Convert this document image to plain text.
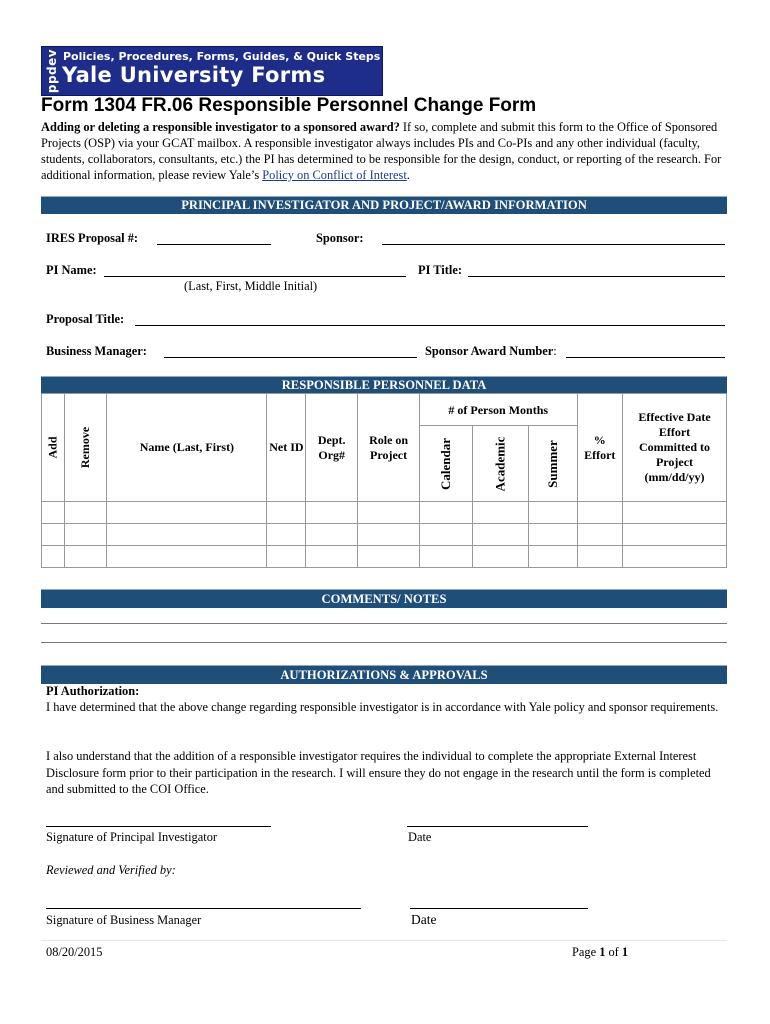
ppdev Policies, Procedures, Forms, Guides, & Quick Steps
Yale University Forms
Form 1304 FR.06 Responsible Personnel Change Form
Adding or deleting a responsible investigator to a sponsored award? If so, complete and submit this form to the Office of Sponsored Projects (OSP) via your GCAT mailbox. A responsible investigator always includes PIs and Co-PIs and any other individual (faculty, students, collaborators, consultants, etc.) the PI has determined to be responsible for the design, conduct, or reporting of the research. For additional information, please review Yale’s Policy on Conflict of Interest.
PRINCIPAL INVESTIGATOR AND PROJECT/AWARD INFORMATION
IRES Proposal #:	Sponsor:
PI Name:
(Last, First, Middle Initial)
PI Title:
Proposal Title:
Business Manager:	Sponsor Award Number:
RESPONSIBLE PERSONNEL DATA
Add	Remove	Name (Last, First)	Net ID	Dept. Org#	Role on Project	# of Person Months			% Effort	Effective Date Effort Committed to Project (mm/dd/yy)
						Calendar	Academic	Summer		

COMMENTS/ NOTES
AUTHORIZATIONS & APPROVALS
PI Authorization:
I have determined that the above change regarding responsible investigator is in accordance with Yale policy and sponsor requirements.
I also understand that the addition of a responsible investigator requires the individual to complete the appropriate External Interest Disclosure form prior to their participation in the research. I will ensure they do not engage in the research until the form is completed and submitted to the COI Office.
Signature of Principal Investigator	Date
Reviewed and Verified by:
Signature of Business Manager	Date
08/20/2015	Page 1 of 1
